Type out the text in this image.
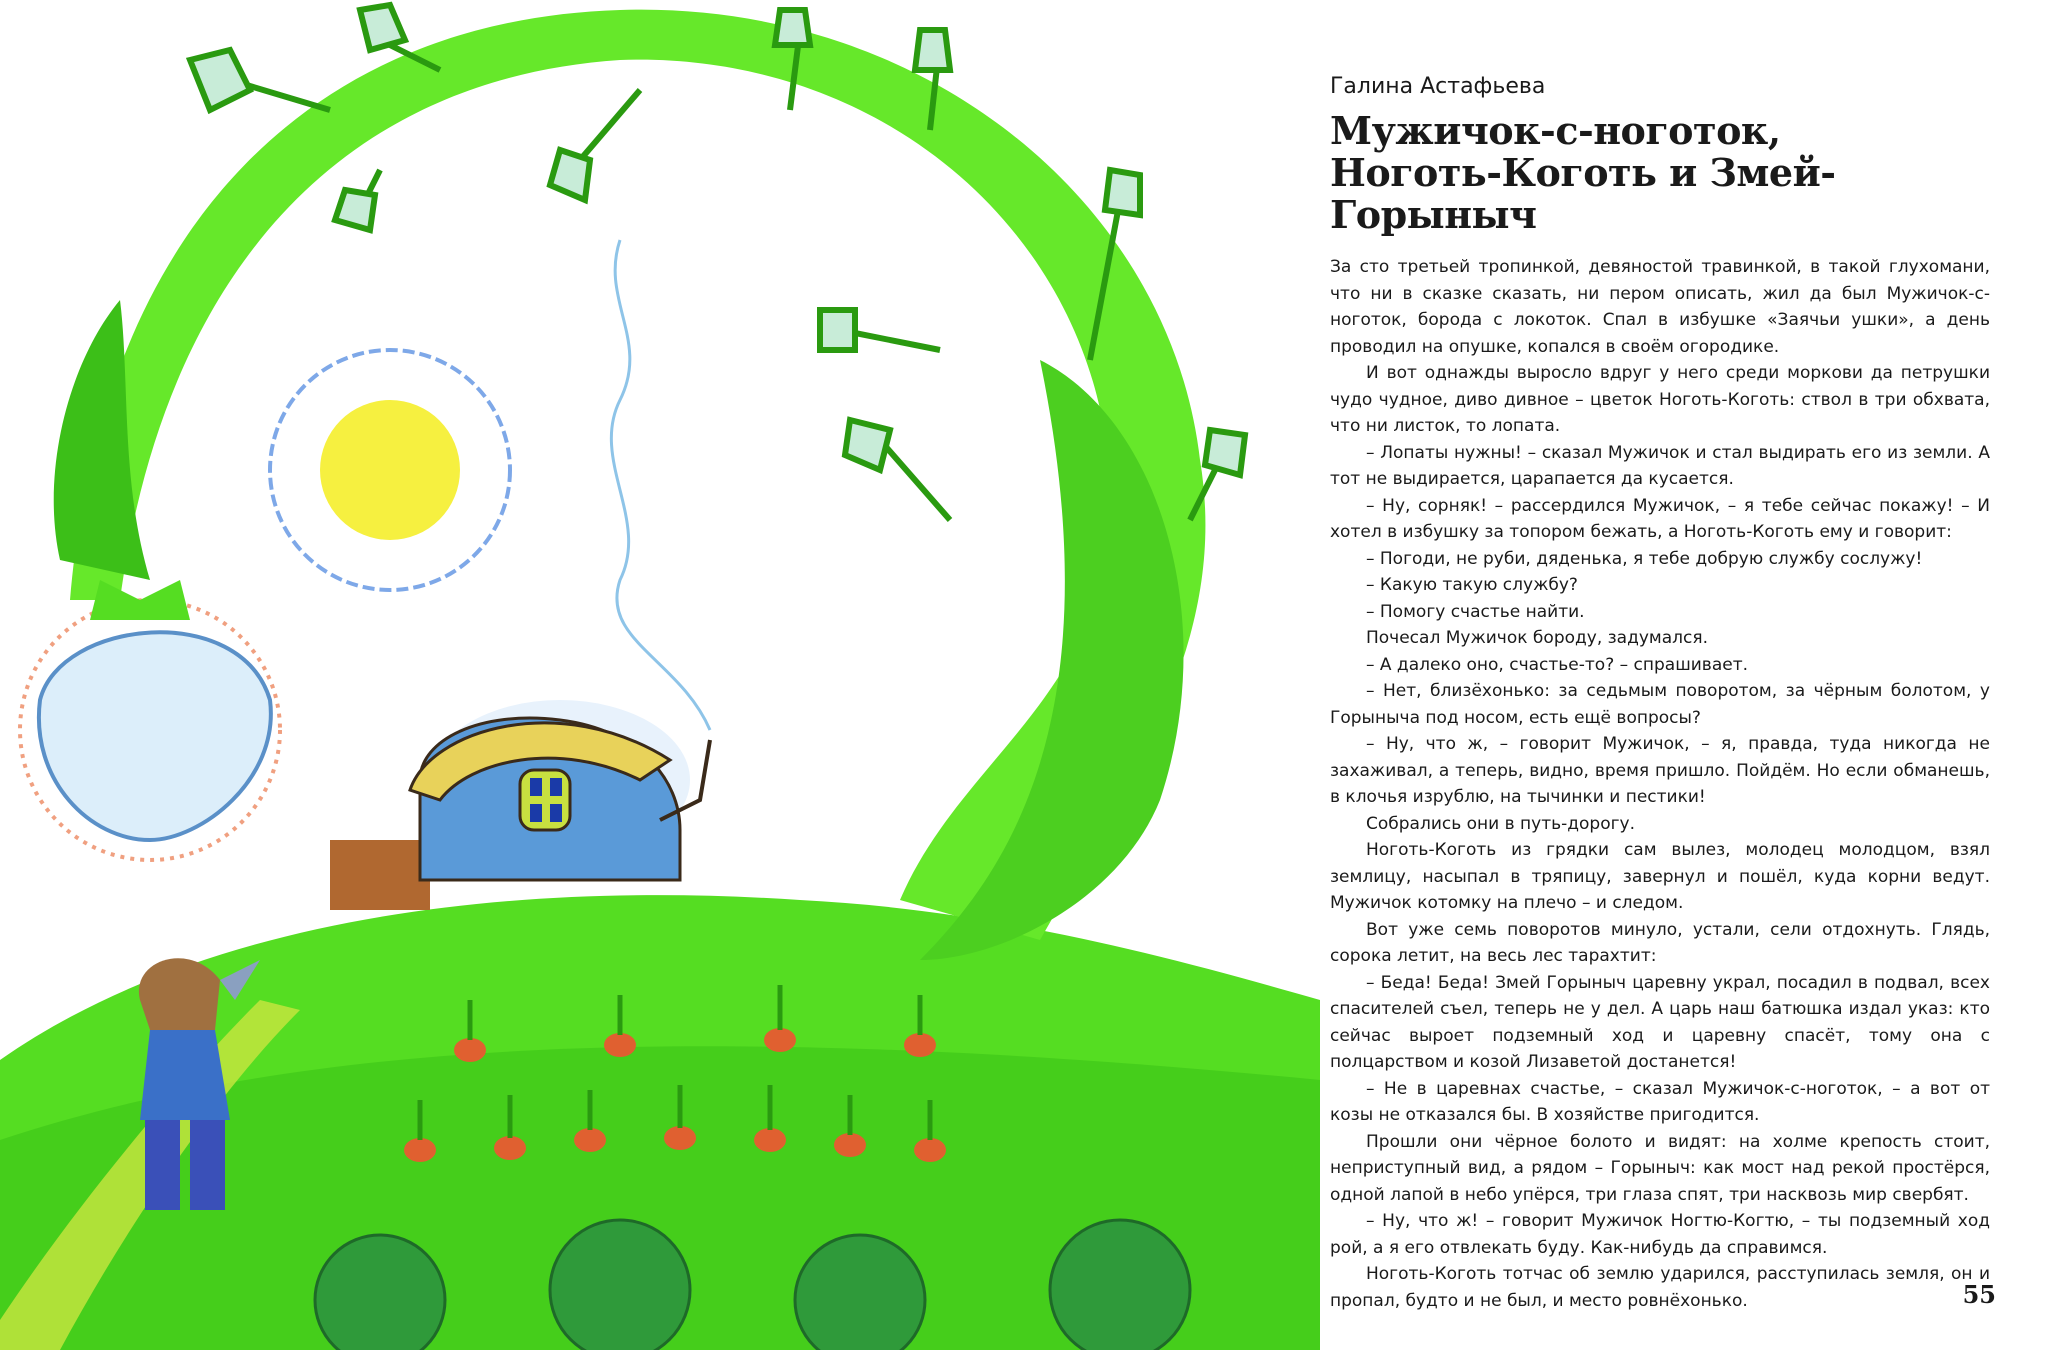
Галина Астафьева
Мужичок-с-ноготок,
Ноготь-Коготь и Змей-Горыныч

За сто третьей тропинкой, девяностой травинкой, в такой глухомани, что ни в сказке сказать, ни пером описать, жил да был Мужичок-с-ноготок, борода с локоток. Спал в избушке «Заячьи ушки», а день проводил на опушке, копался в своём огородике.

И вот однажды выросло вдруг у него среди моркови да петрушки чудо чудное, диво дивное – цветок Ноготь-Коготь: ствол в три обхвата, что ни листок, то лопата.

– Лопаты нужны! – сказал Мужичок и стал выдирать его из земли. А тот не выдирается, царапается да кусается.

– Ну, сорняк! – рассердился Мужичок, – я тебе сейчас покажу! – И хотел в избушку за топором бежать, а Ноготь-Коготь ему и говорит:

– Погоди, не руби, дяденька, я тебе добрую службу сослужу!

– Какую такую службу?

– Помогу счастье найти.

Почесал Мужичок бороду, задумался.

– А далеко оно, счастье-то? – спрашивает.

– Нет, близёхонько: за седьмым поворотом, за чёрным болотом, у Горыныча под носом, есть ещё вопросы?

– Ну, что ж, – говорит Мужичок, – я, правда, туда никогда не захаживал, а теперь, видно, время пришло. Пойдём. Но если обманешь, в клочья изрублю, на тычинки и пестики!

Собрались они в путь-дорогу.

Ноготь-Коготь из грядки сам вылез, молодец молодцом, взял землицу, насыпал в тряпицу, завернул и пошёл, куда корни ведут. Мужичок котомку на плечо – и следом.

Вот уже семь поворотов минуло, устали, сели отдохнуть. Глядь, сорока летит, на весь лес тарахтит:

– Беда! Беда! Змей Горыныч царевну украл, посадил в подвал, всех спасителей съел, теперь не у дел. А царь наш батюшка издал указ: кто сейчас выроет подземный ход и царевну спасёт, тому она с полцарством и козой Лизаветой достанется!

– Не в царевнах счастье, – сказал Мужичок-с-ноготок, – а вот от козы не отказался бы. В хозяйстве пригодится.

Прошли они чёрное болото и видят: на холме крепость стоит, неприступный вид, а рядом – Горыныч: как мост над рекой простёрся, одной лапой в небо упёрся, три глаза спят, три насквозь мир свербят.

– Ну, что ж! – говорит Мужичок Ногтю-Когтю, – ты подземный ход рой, а я его отвлекать буду. Как-нибудь да справимся.

Ноготь-Коготь тотчас об землю ударился, расступилась земля, он и пропал, будто и не был, и место ровнёхонько.	55
